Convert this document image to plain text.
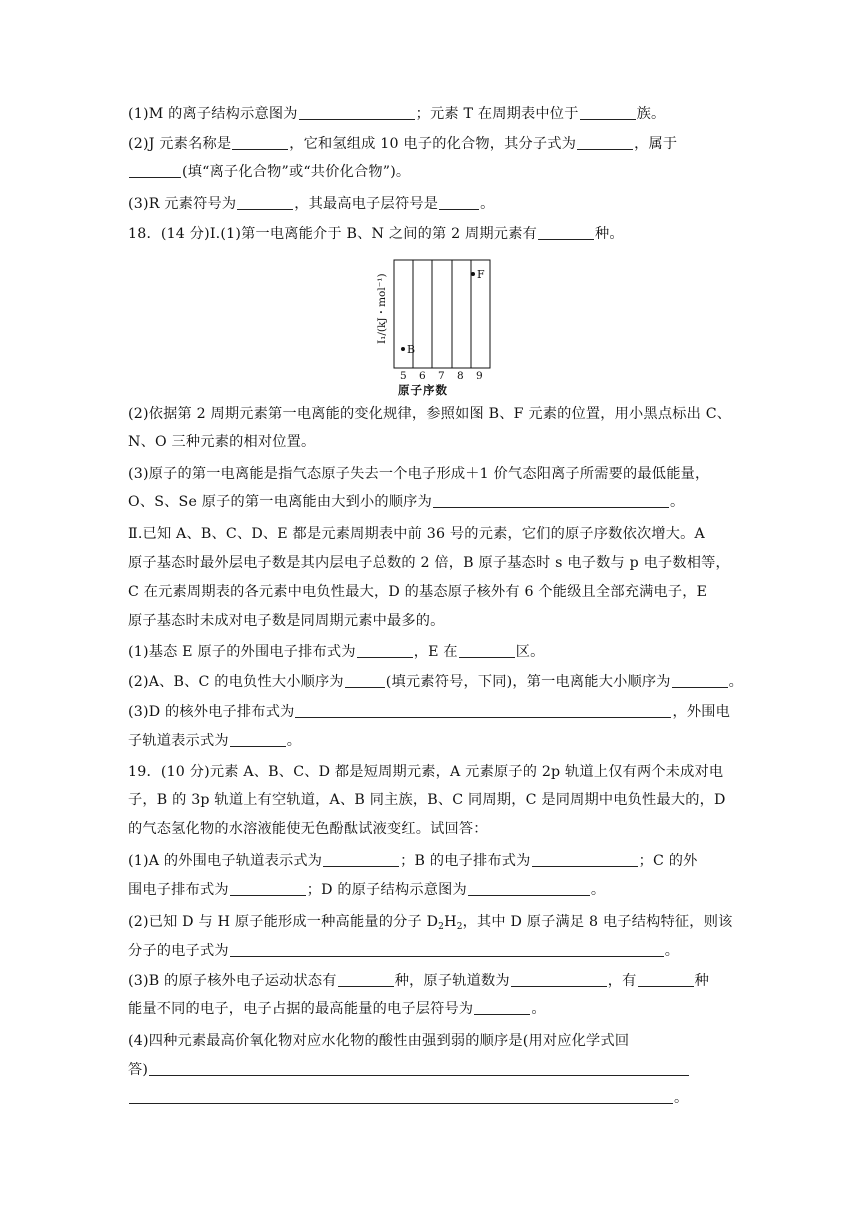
(1)M 的离子结构示意图为	；元素 T 在周期表中位于	族。
(2)J 元素名称是	，它和氢组成 10 电子的化合物，其分子式为	，属于
(填“离子化合物”或“共价化合物”)。
(3)R 元素符号为	，其最高电子层符号是	。
18．(14 分)Ⅰ.(1)第一电离能介于 B、N 之间的第 2 周期元素有	种。
B
F
I₁/(kJ・mol⁻¹)
5 6 7 8 9
原子序数
(2)依据第 2 周期元素第一电离能的变化规律，参照如图 B、F 元素的位置，用小黑点标出 C、
N、O 三种元素的相对位置。
(3)原子的第一电离能是指气态原子失去一个电子形成＋1 价气态阳离子所需要的最低能量，
O、S、Se 原子的第一电离能由大到小的顺序为	。
Ⅱ.已知 A、B、C、D、E 都是元素周期表中前 36 号的元素，它们的原子序数依次增大。A
原子基态时最外层电子数是其内层电子总数的 2 倍，B 原子基态时 s 电子数与 p 电子数相等，
C 在元素周期表的各元素中电负性最大，D 的基态原子核外有 6 个能级且全部充满电子，E
原子基态时未成对电子数是同周期元素中最多的。
(1)基态 E 原子的外围电子排布式为	，E 在	区。
(2)A、B、C 的电负性大小顺序为	(填元素符号，下同)，第一电离能大小顺序为	。
(3)D 的核外电子排布式为	，外围电
子轨道表示式为	。
19．(10 分)元素 A、B、C、D 都是短周期元素，A 元素原子的 2p 轨道上仅有两个未成对电
子，B 的 3p 轨道上有空轨道，A、B 同主族，B、C 同周期，C 是同周期中电负性最大的，D
的气态氢化物的水溶液能使无色酚酞试液变红。试回答：
(1)A 的外围电子轨道表示式为	；B 的电子排布式为	；C 的外
围电子排布式为	；D 的原子结构示意图为	。
(2)已知 D 与 H 原子能形成一种高能量的分子 $D_2H_2$，其中 D 原子满足 8 电子结构特征，则该
分子的电子式为	。
(3)B 的原子核外电子运动状态有	种，原子轨道数为	，有	种
能量不同的电子，电子占据的最高能量的电子层符号为	。
(4)四种元素最高价氧化物对应水化物的酸性由强到弱的顺序是(用对应化学式回
答)
。
